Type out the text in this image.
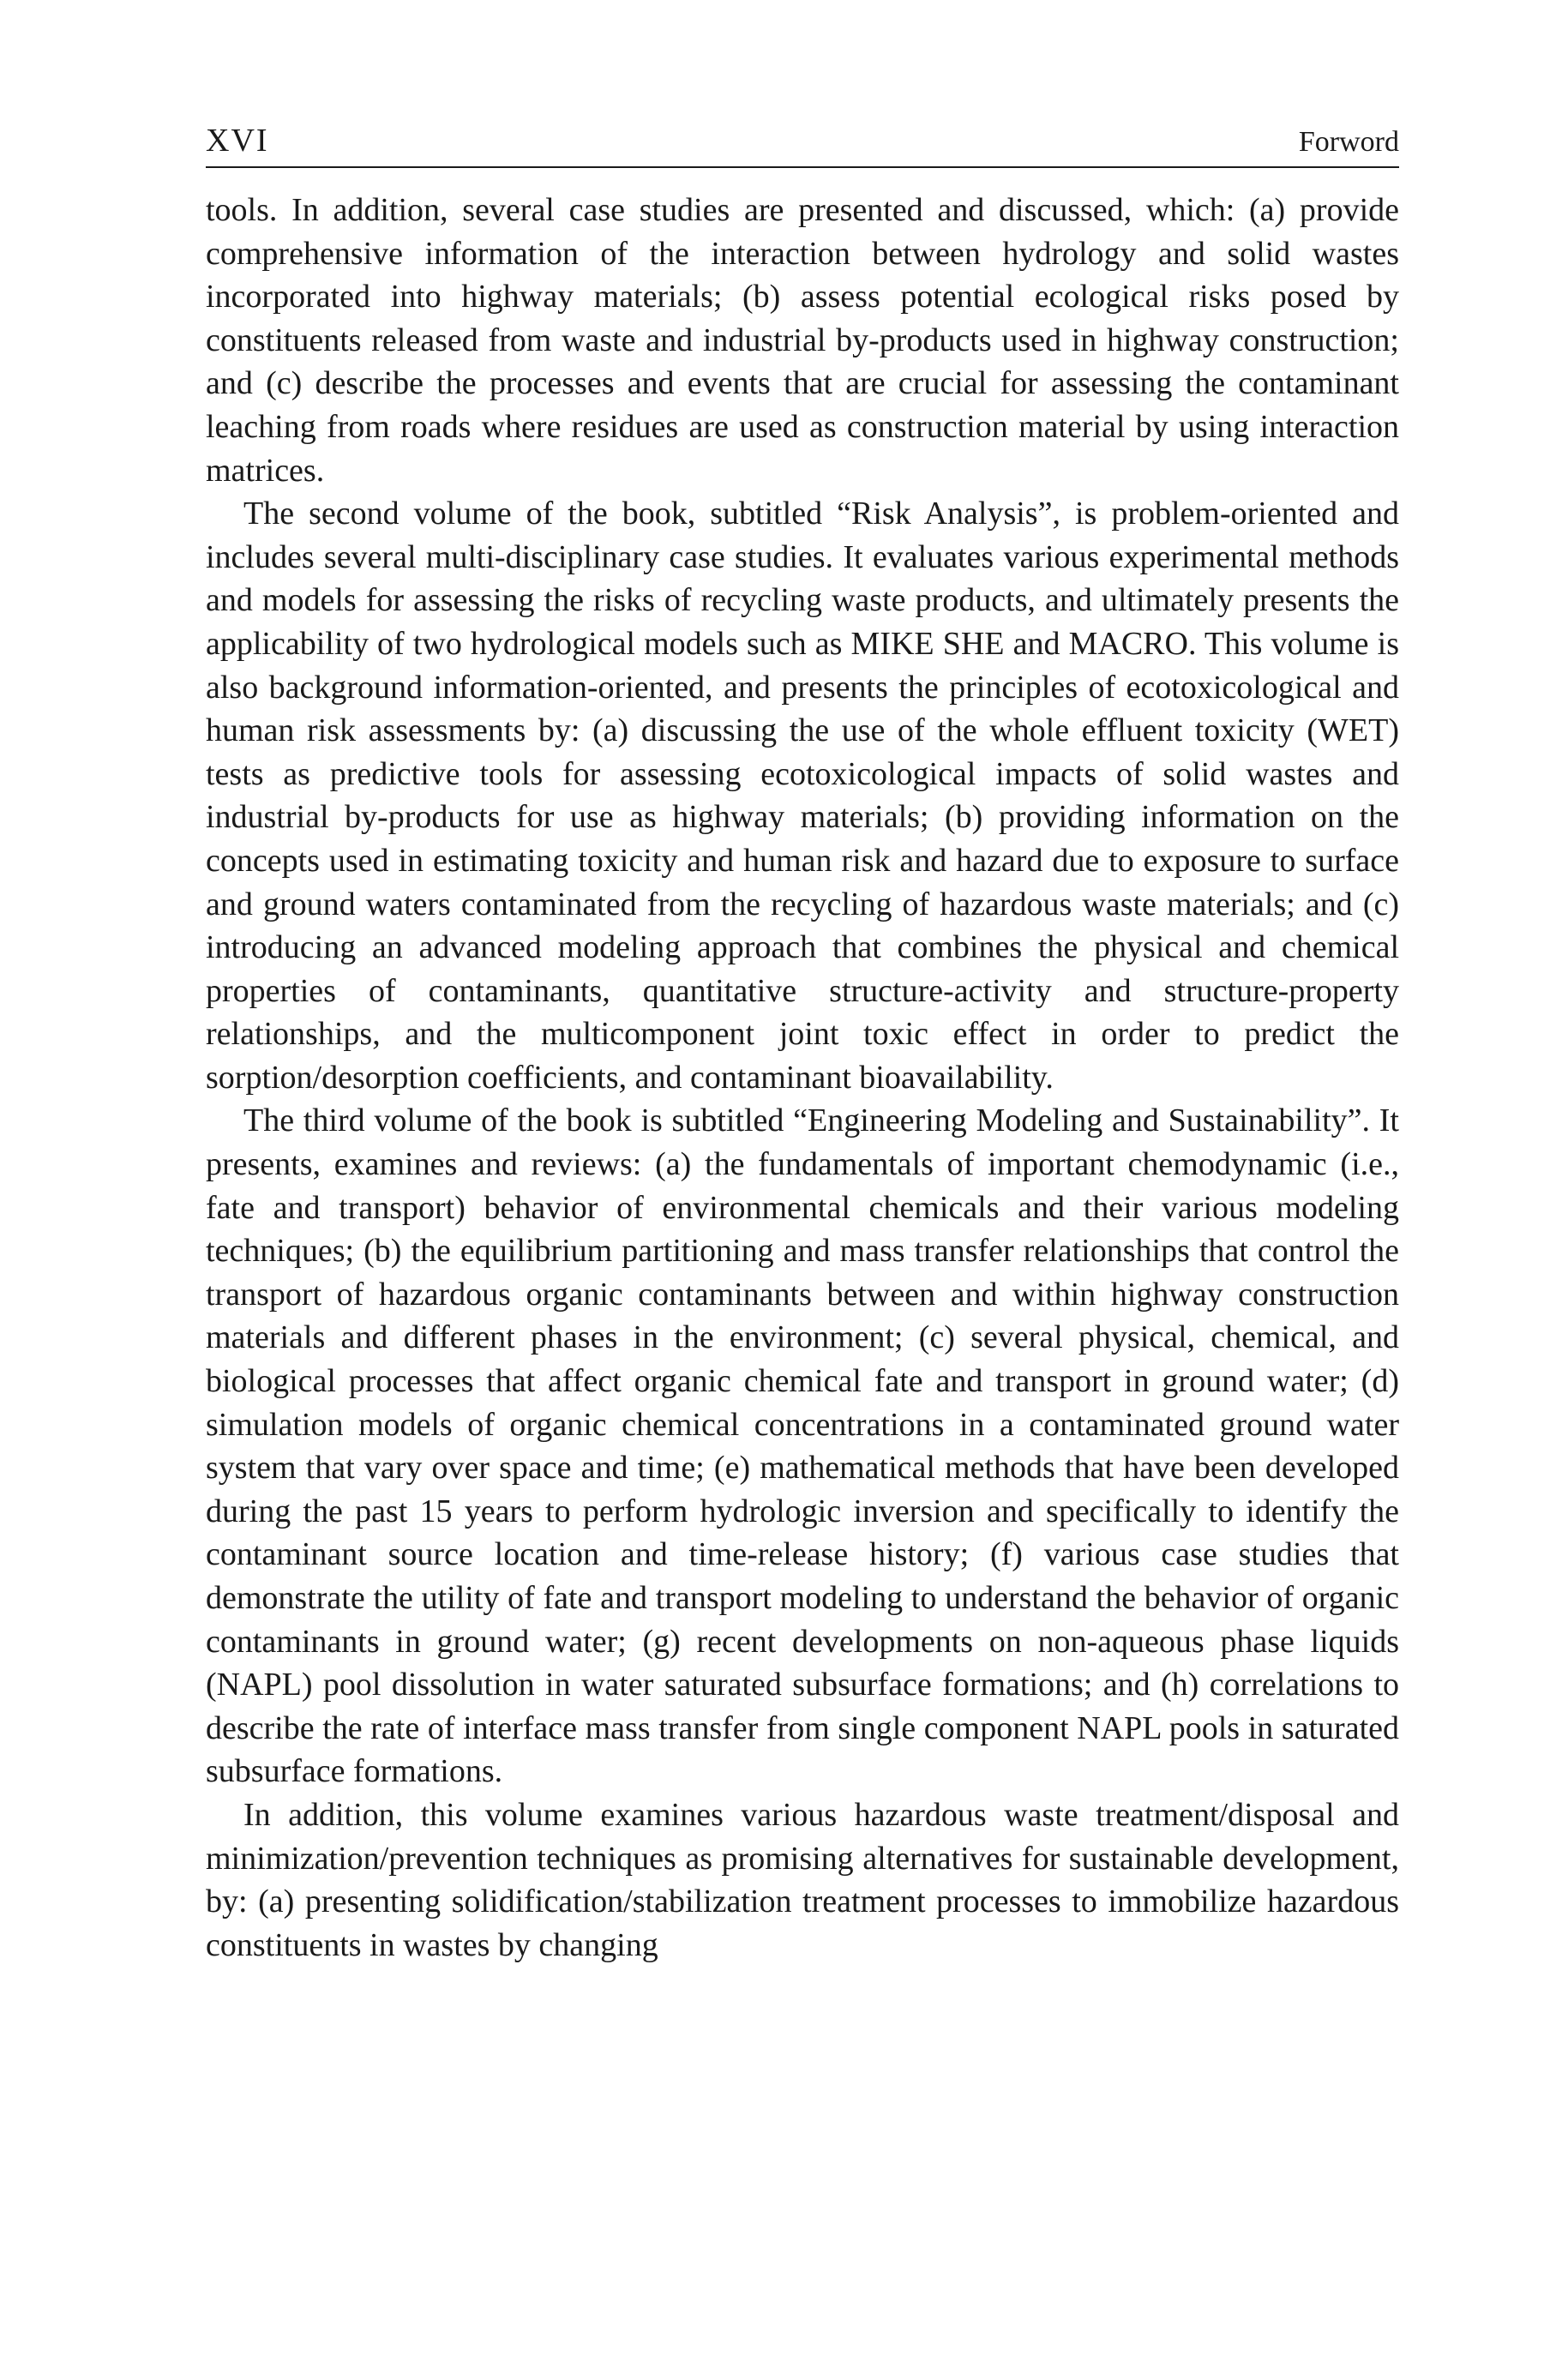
XVI	Forword

tools. In addition, several case studies are presented and discussed, which: (a) provide comprehensive information of the interaction between hydrology and solid wastes incorporated into highway materials; (b) assess potential ecological risks posed by constituents released from waste and industrial by-products used in highway construction; and (c) describe the processes and events that are crucial for assessing the contaminant leaching from roads where residues are used as construction material by using interaction matrices.

The second volume of the book, subtitled “Risk Analysis”, is problem-oriented and includes several multi-disciplinary case studies. It evaluates various experimental methods and models for assessing the risks of recycling waste products, and ultimately presents the applicability of two hydrological models such as MIKE SHE and MACRO. This volume is also background information-oriented, and presents the principles of ecotoxicological and human risk assessments by: (a) discussing the use of the whole effluent toxicity (WET) tests as predictive tools for assessing ecotoxicological impacts of solid wastes and industrial by-products for use as highway materials; (b) providing information on the concepts used in estimating toxicity and human risk and hazard due to exposure to surface and ground waters contaminated from the recycling of hazardous waste materials; and (c) introducing an advanced modeling approach that combines the physical and chemical properties of contaminants, quantitative structure-activity and structure-property relationships, and the multicomponent joint toxic effect in order to predict the sorption/desorption coefficients, and contaminant bioavailability.

The third volume of the book is subtitled “Engineering Modeling and Sustainability”. It presents, examines and reviews: (a) the fundamentals of important chemodynamic (i.e., fate and transport) behavior of environmental chemicals and their various modeling techniques; (b) the equilibrium partitioning and mass transfer relationships that control the transport of hazardous organic contaminants between and within highway construction materials and different phases in the environment; (c) several physical, chemical, and biological processes that affect organic chemical fate and transport in ground water; (d) simulation models of organic chemical concentrations in a contaminated ground water system that vary over space and time; (e) mathematical methods that have been developed during the past 15 years to perform hydrologic inversion and specifically to identify the contaminant source location and time-release history; (f) various case studies that demonstrate the utility of fate and transport modeling to understand the behavior of organic contaminants in ground water; (g) recent developments on non-aqueous phase liquids (NAPL) pool dissolution in water saturated subsurface formations; and (h) correlations to describe the rate of interface mass transfer from single component NAPL pools in saturated subsurface formations.

In addition, this volume examines various hazardous waste treatment/disposal and minimization/prevention techniques as promising alternatives for sustainable development, by: (a) presenting solidification/stabilization treatment processes to immobilize hazardous constituents in wastes by changing
